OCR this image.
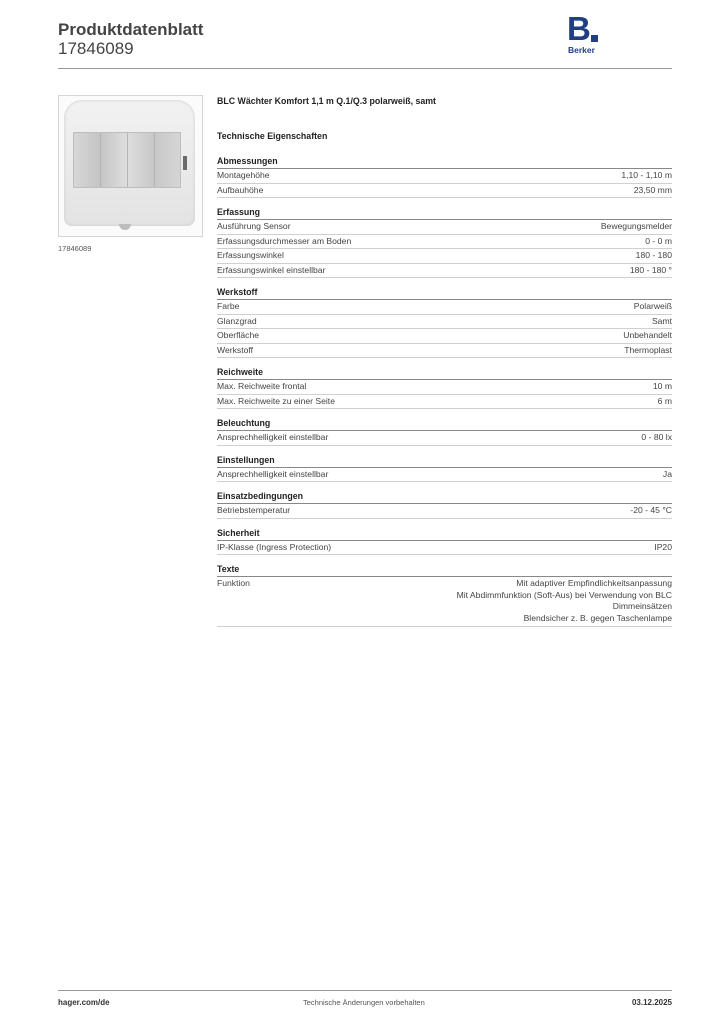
Produktdatenblatt
17846089
B
Berker
17846089
BLC Wächter Komfort 1,1 m Q.1/Q.3 polarweiß, samt
Technische Eigenschaften
Abmessungen
Montagehöhe	1,10 - 1,10 m
Aufbauhöhe	23,50 mm
Erfassung
Ausführung Sensor	Bewegungsmelder
Erfassungsdurchmesser am Boden	0 - 0 m
Erfassungswinkel	180 - 180
Erfassungswinkel einstellbar	180 - 180 °
Werkstoff
Farbe	Polarweiß
Glanzgrad	Samt
Oberfläche	Unbehandelt
Werkstoff	Thermoplast
Reichweite
Max. Reichweite frontal	10 m
Max. Reichweite zu einer Seite	6 m
Beleuchtung
Ansprechhelligkeit einstellbar	0 - 80 lx
Einstellungen
Ansprechhelligkeit einstellbar	Ja
Einsatzbedingungen
Betriebstemperatur	-20 - 45 °C
Sicherheit
IP-Klasse (Ingress Protection)	IP20
Texte
Funktion	Mit adaptiver Empfindlichkeitsanpassung
Mit Abdimmfunktion (Soft-Aus) bei Verwendung von BLC
Dimmeinsätzen
Blendsicher z. B. gegen Taschenlampe
hager.com/de	Technische Änderungen vorbehalten	03.12.2025
